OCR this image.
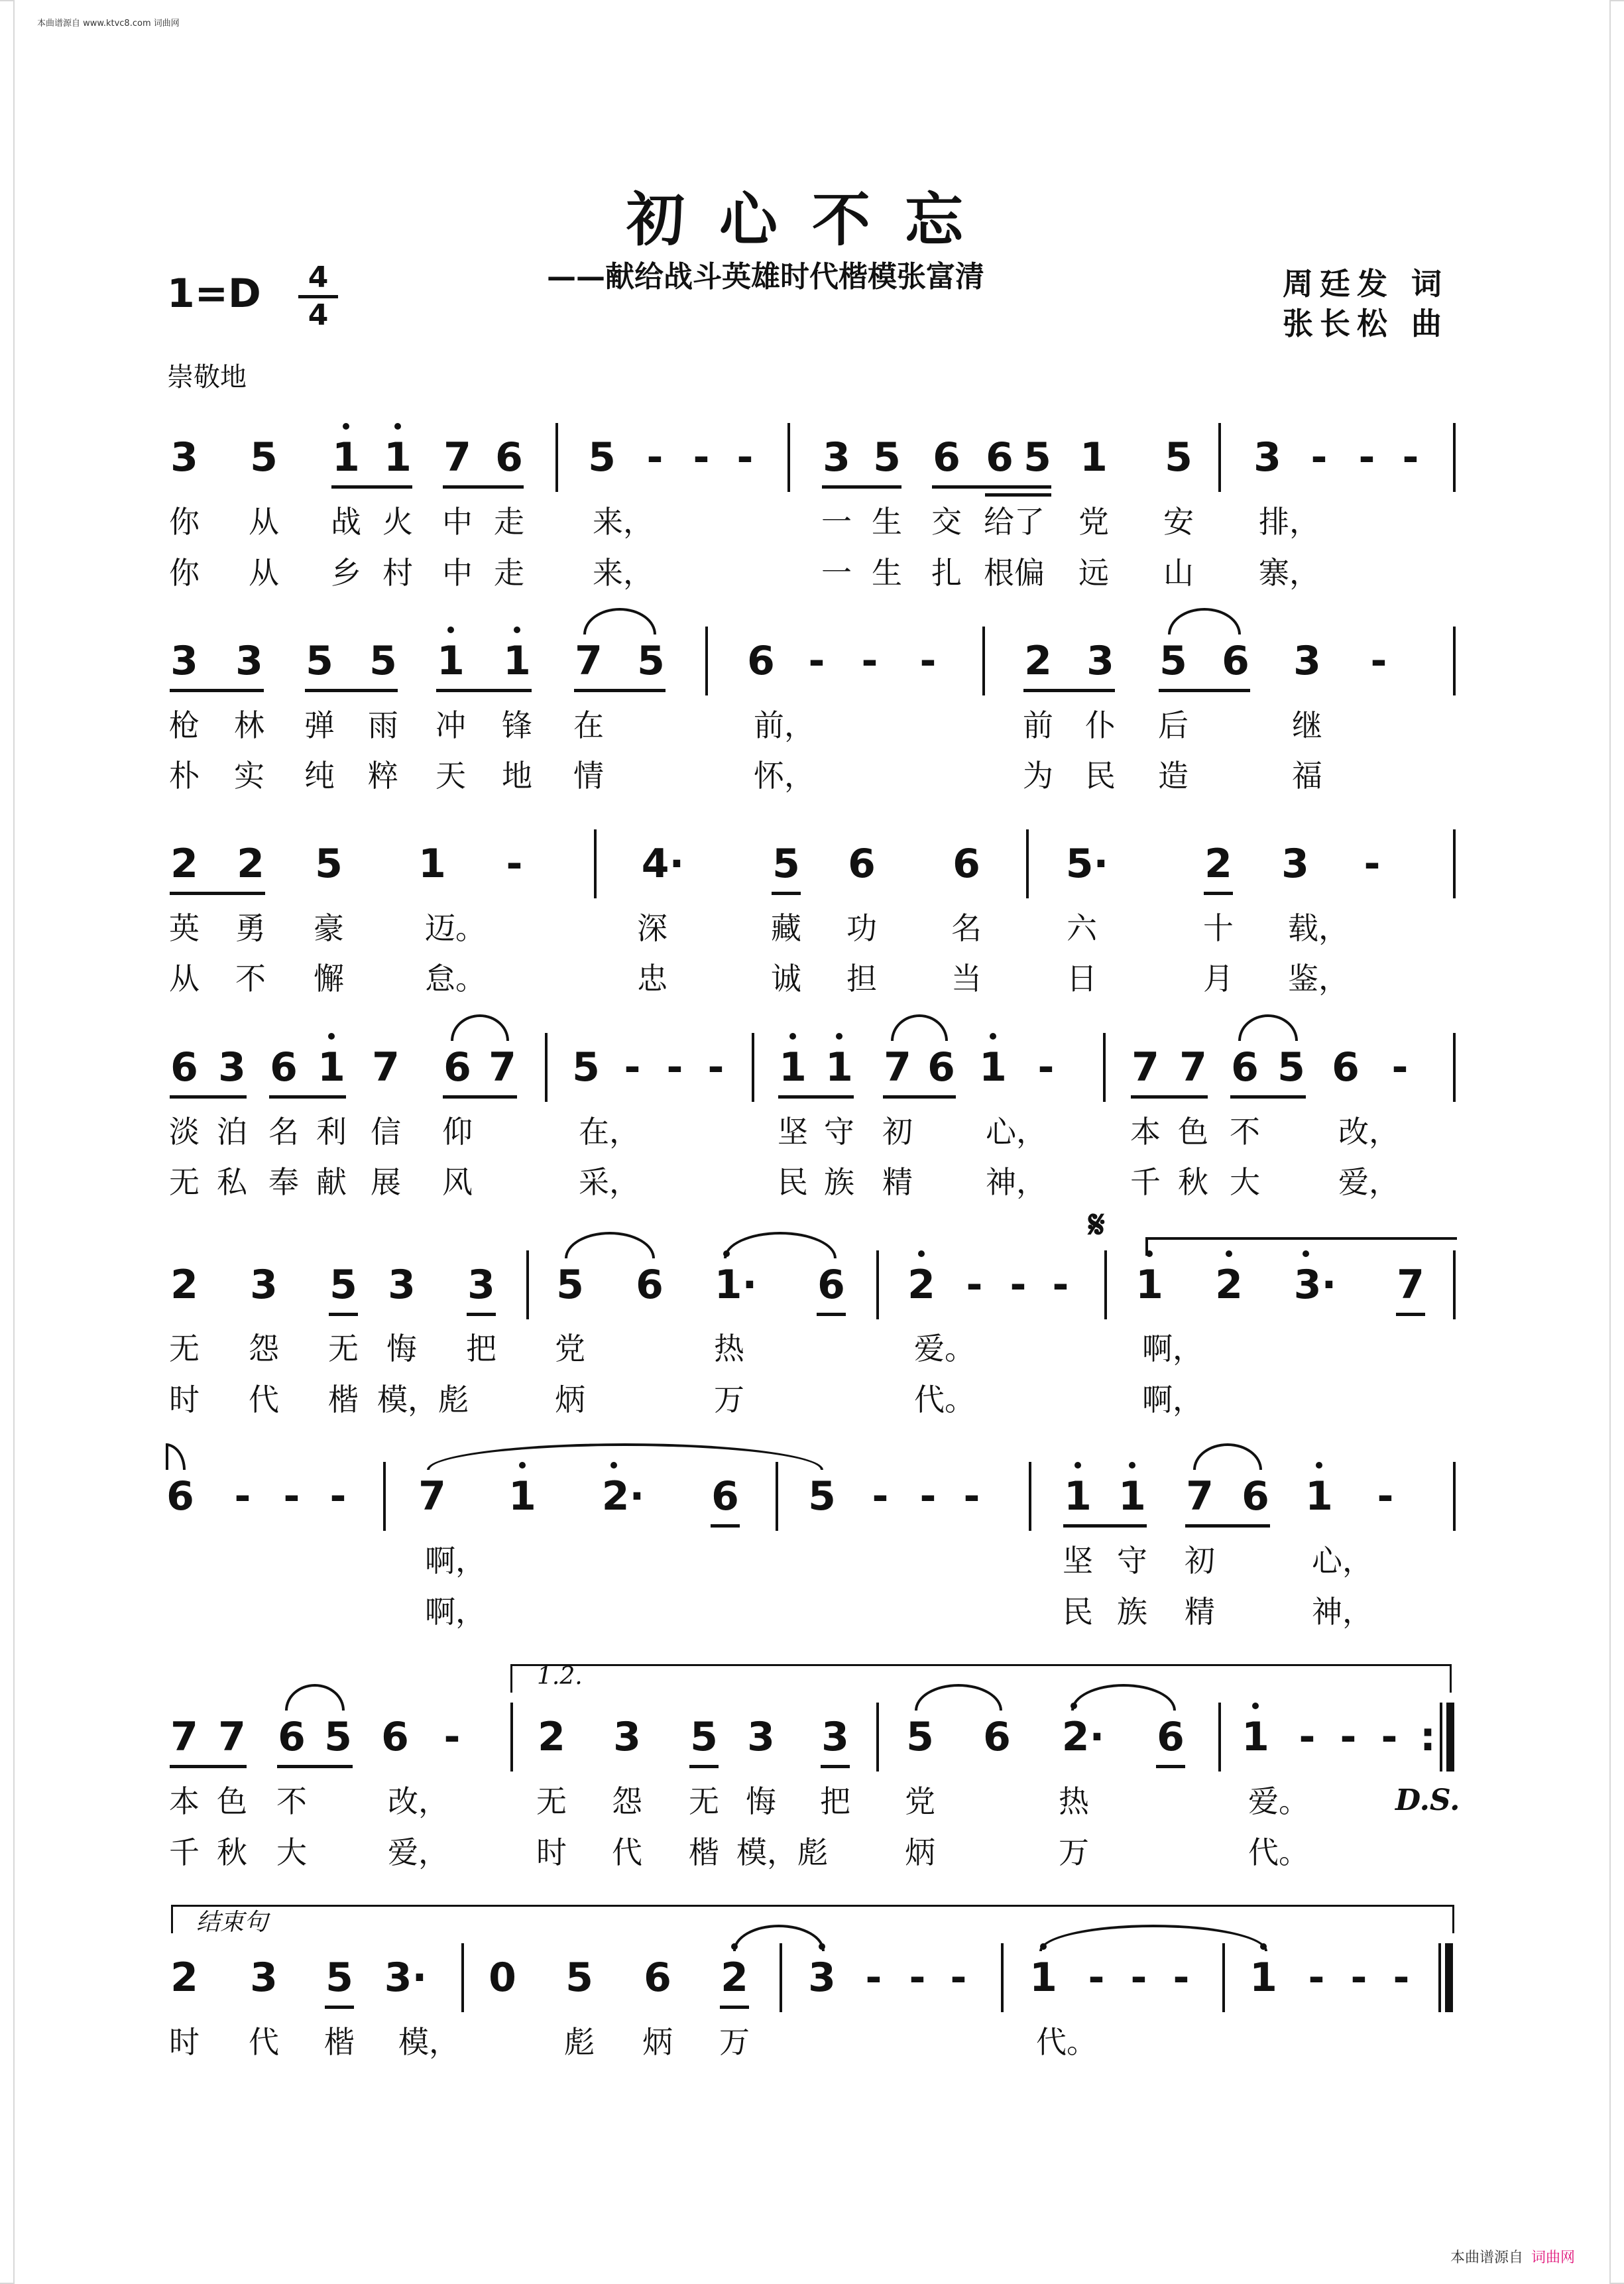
本曲谱源自 www.ktvc8.com 词曲网
初心不忘
——献给战斗英雄时代楷模张富清	周廷发 词
张长松 曲
1=D	4
4
崇敬地
3 5 1 1 7 6 5 - - -	3 5 6 6 5 1 5 3 - - -
你 从 战 火 中 走 来，	一 生 交 给了 党 安 排，
你 从 乡 村 中 走 来，	一 生 扎 根偏 远 山 寨，
3 3 5 5 1 1 7 5 6 - -	-	2 3 5 6 3	-
枪 林 弹 雨 冲 锋 在	前，	前 仆 后	继
朴 实 纯 粹 天 地 情	怀，	为 民 造	福
2 2 5 1	-	4· 5 6 6 5· 2 3	-
英 勇 豪	迈。	深	藏 功 名	六	十 载，
从 不 懈	怠。	忠	诚 担 当	日	月 鉴，
6 3 6 1 7 6 7 5 - - -	1 1 7 6 1 -	7 7 6 5 6 -
淡 泊 名 利 信 仰	在，	坚 守 初 心，	本 色 不	改，
无 私 奉 献 展 风	采，	民 族 精 神，	千 秋 大	爱，
𝄋
2 3 5 3 3 5 6 1· 6 2 - - -	1 2 3· 7
无 怨 无 悔 把 党	热	爱。	啊，
时 代 楷 模，彪	炳	万	代。	啊，
6	- - -	7 1 2· 6 5 - - -	1 1 7 6 1	-
啊，	坚 守 初	心，
啊，	民 族 精	神，
7 7 6 5 6 -
1.2.
2 3 5 3 3 5 6 2· 6 1 - - - :
本 色 不	改，	无 怨 无 悔 把 党	热	爱。	D.S.
千 秋 大	爱，	时 代 楷 模，彪	炳	万	代。
结束句
2 3 5 3· 0 5 6 2 3 - - -	1 - - -	1 - - -
时 代 楷 模，	彪 炳 万	代。
本曲谱源自 词曲网
